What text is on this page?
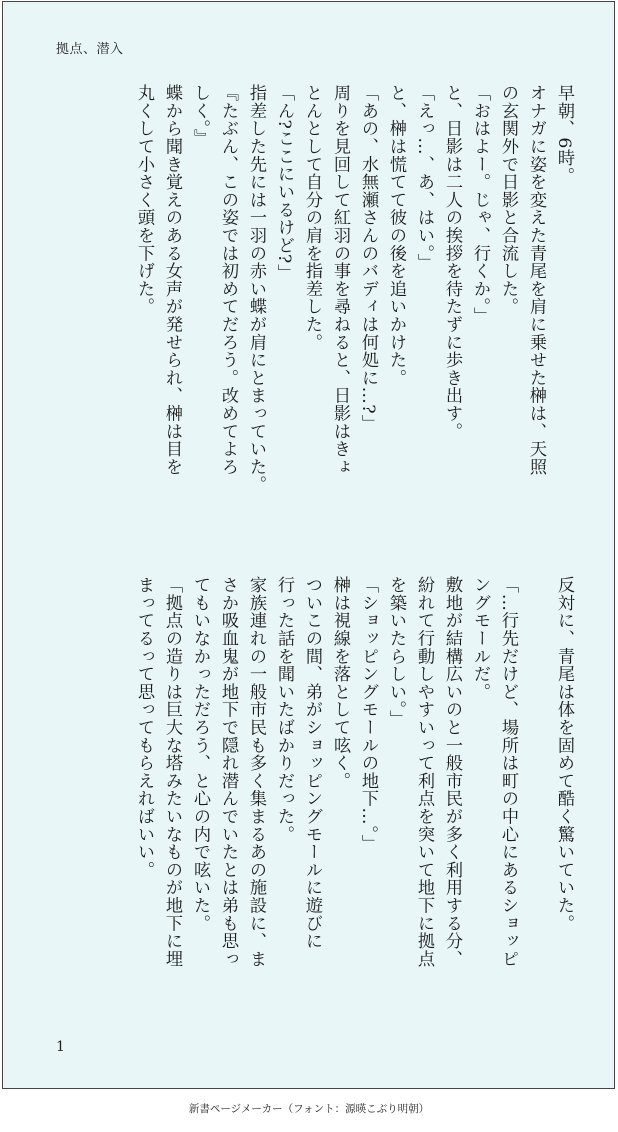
拠点、潜入

早朝、6時。

オナガに姿を変えた青尾を肩に乗せた榊は、天照

の玄関外で日影と合流した。

「おはよー。じゃ、行くか。」

と、日影は二人の挨拶を待たずに歩き出す。

「えっ…、あ、はい。」

と、榊は慌てて彼の後を追いかけた。

「あの、水無瀬さんのバディは何処に…?」

周りを見回して紅羽の事を尋ねると、日影はきょ

とんとして自分の肩を指差した。

「ん?ここにいるけど?」

指差した先には一羽の赤い蝶が肩にとまっていた。

『たぶん、この姿では初めてだろう。改めてよろ

しく。』

蝶から聞き覚えのある女声が発せられ、榊は目を

丸くして小さく頭を下げた。

反対に、青尾は体を固めて酷く驚いていた。

「…行先だけど、場所は町の中心にあるショッピ

ングモールだ。

敷地が結構広いのと一般市民が多く利用する分、

紛れて行動しやすいって利点を突いて地下に拠点

を築いたらしい。」

「ショッピングモールの地下…。」

榊は視線を落として呟く。

ついこの間、弟がショッピングモールに遊びに

行った話を聞いたばかりだった。

家族連れの一般市民も多く集まるあの施設に、ま

さか吸血鬼が地下で隠れ潜んでいたとは弟も思っ

てもいなかっただろう、と心の内で呟いた。

「拠点の造りは巨大な塔みたいなものが地下に埋

まってるって思ってもらえればいい。

1
新書ページメーカー（フォント：源暎こぶり明朝）
